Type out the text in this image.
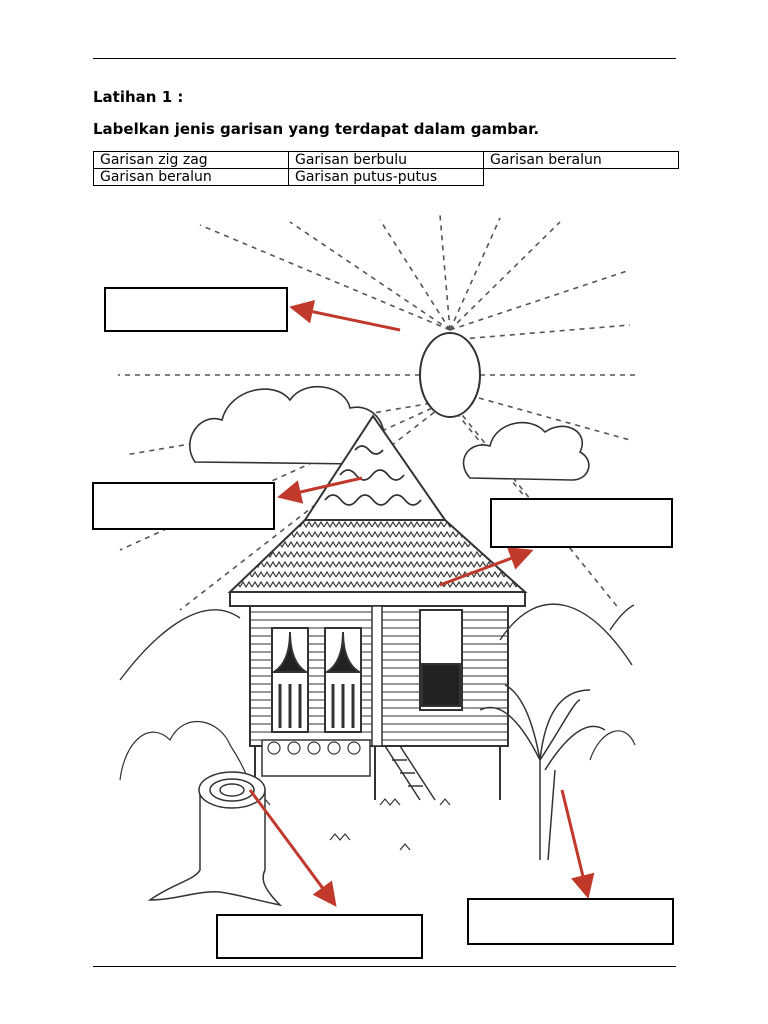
Latihan 1 :

Labelkan jenis garisan yang terdapat dalam gambar.

Garisan zig zag	Garisan berbulu	Garisan beralun
Garisan beralun	Garisan putus-putus	
